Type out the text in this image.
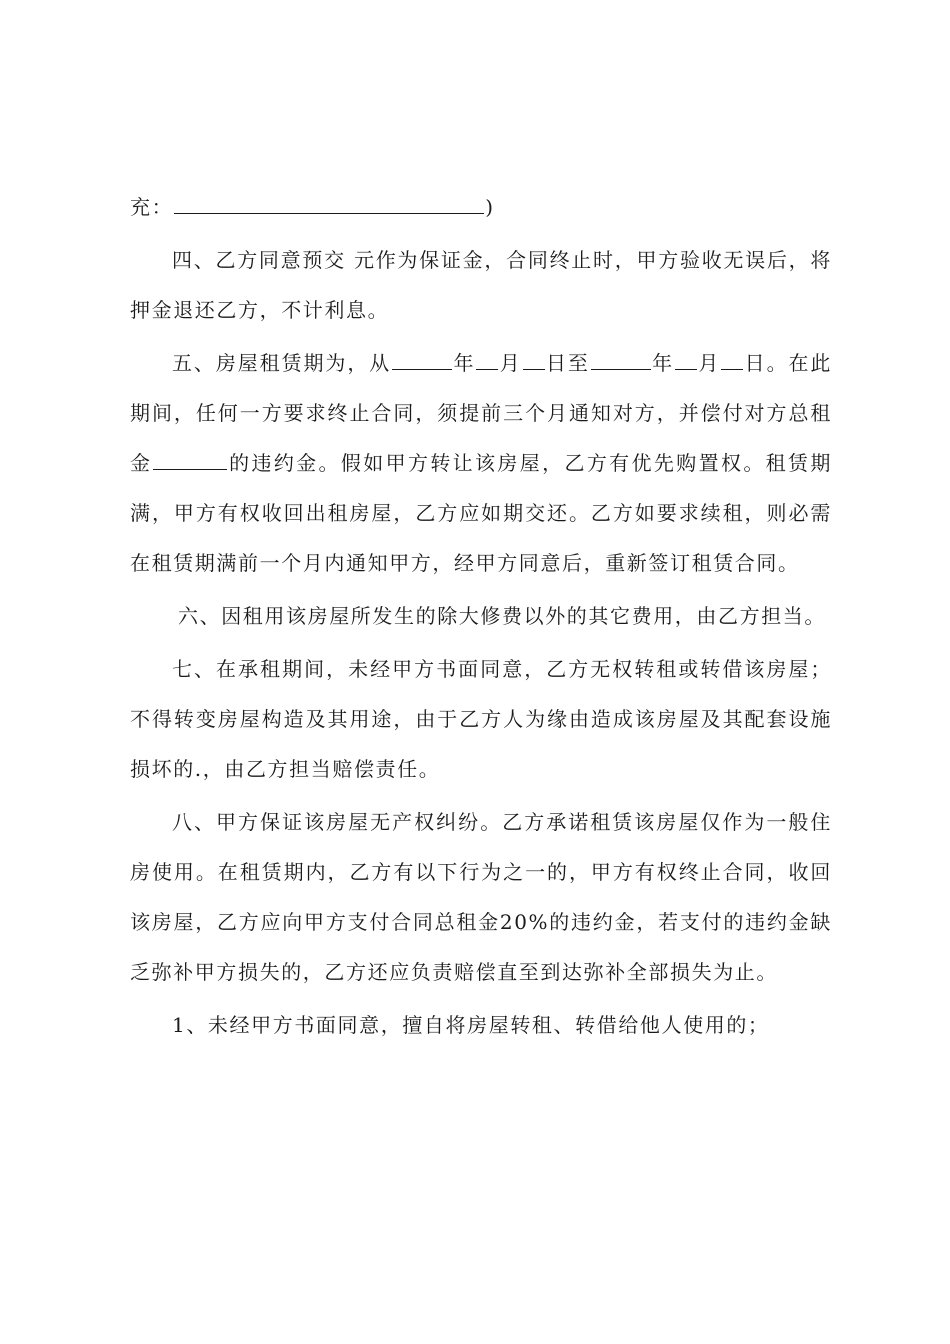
充：	)

四、乙方同意预交 元作为保证金，合同终止时，甲方验收无误后，将押金退还乙方，不计利息。

五、房屋租赁期为，从	年 月 日至	年 月 日。在此期间，任何一方要求终止合同，须提前三个月通知对方，并偿付对方总租金	的违约金。假如甲方转让该房屋，乙方有优先购置权。租赁期满，甲方有权收回出租房屋，乙方应如期交还。乙方如要求续租，则必需在租赁期满前一个月内通知甲方，经甲方同意后，重新签订租赁合同。

六、因租用该房屋所发生的除大修费以外的其它费用，由乙方担当。

七、在承租期间，未经甲方书面同意，乙方无权转租或转借该房屋；不得转变房屋构造及其用途，由于乙方人为缘由造成该房屋及其配套设施损坏的.，由乙方担当赔偿责任。

八、甲方保证该房屋无产权纠纷。乙方承诺租赁该房屋仅作为一般住房使用。在租赁期内，乙方有以下行为之一的，甲方有权终止合同，收回该房屋，乙方应向甲方支付合同总租金20%的违约金，若支付的违约金缺乏弥补甲方损失的，乙方还应负责赔偿直至到达弥补全部损失为止。

1、未经甲方书面同意，擅自将房屋转租、转借给他人使用的；
